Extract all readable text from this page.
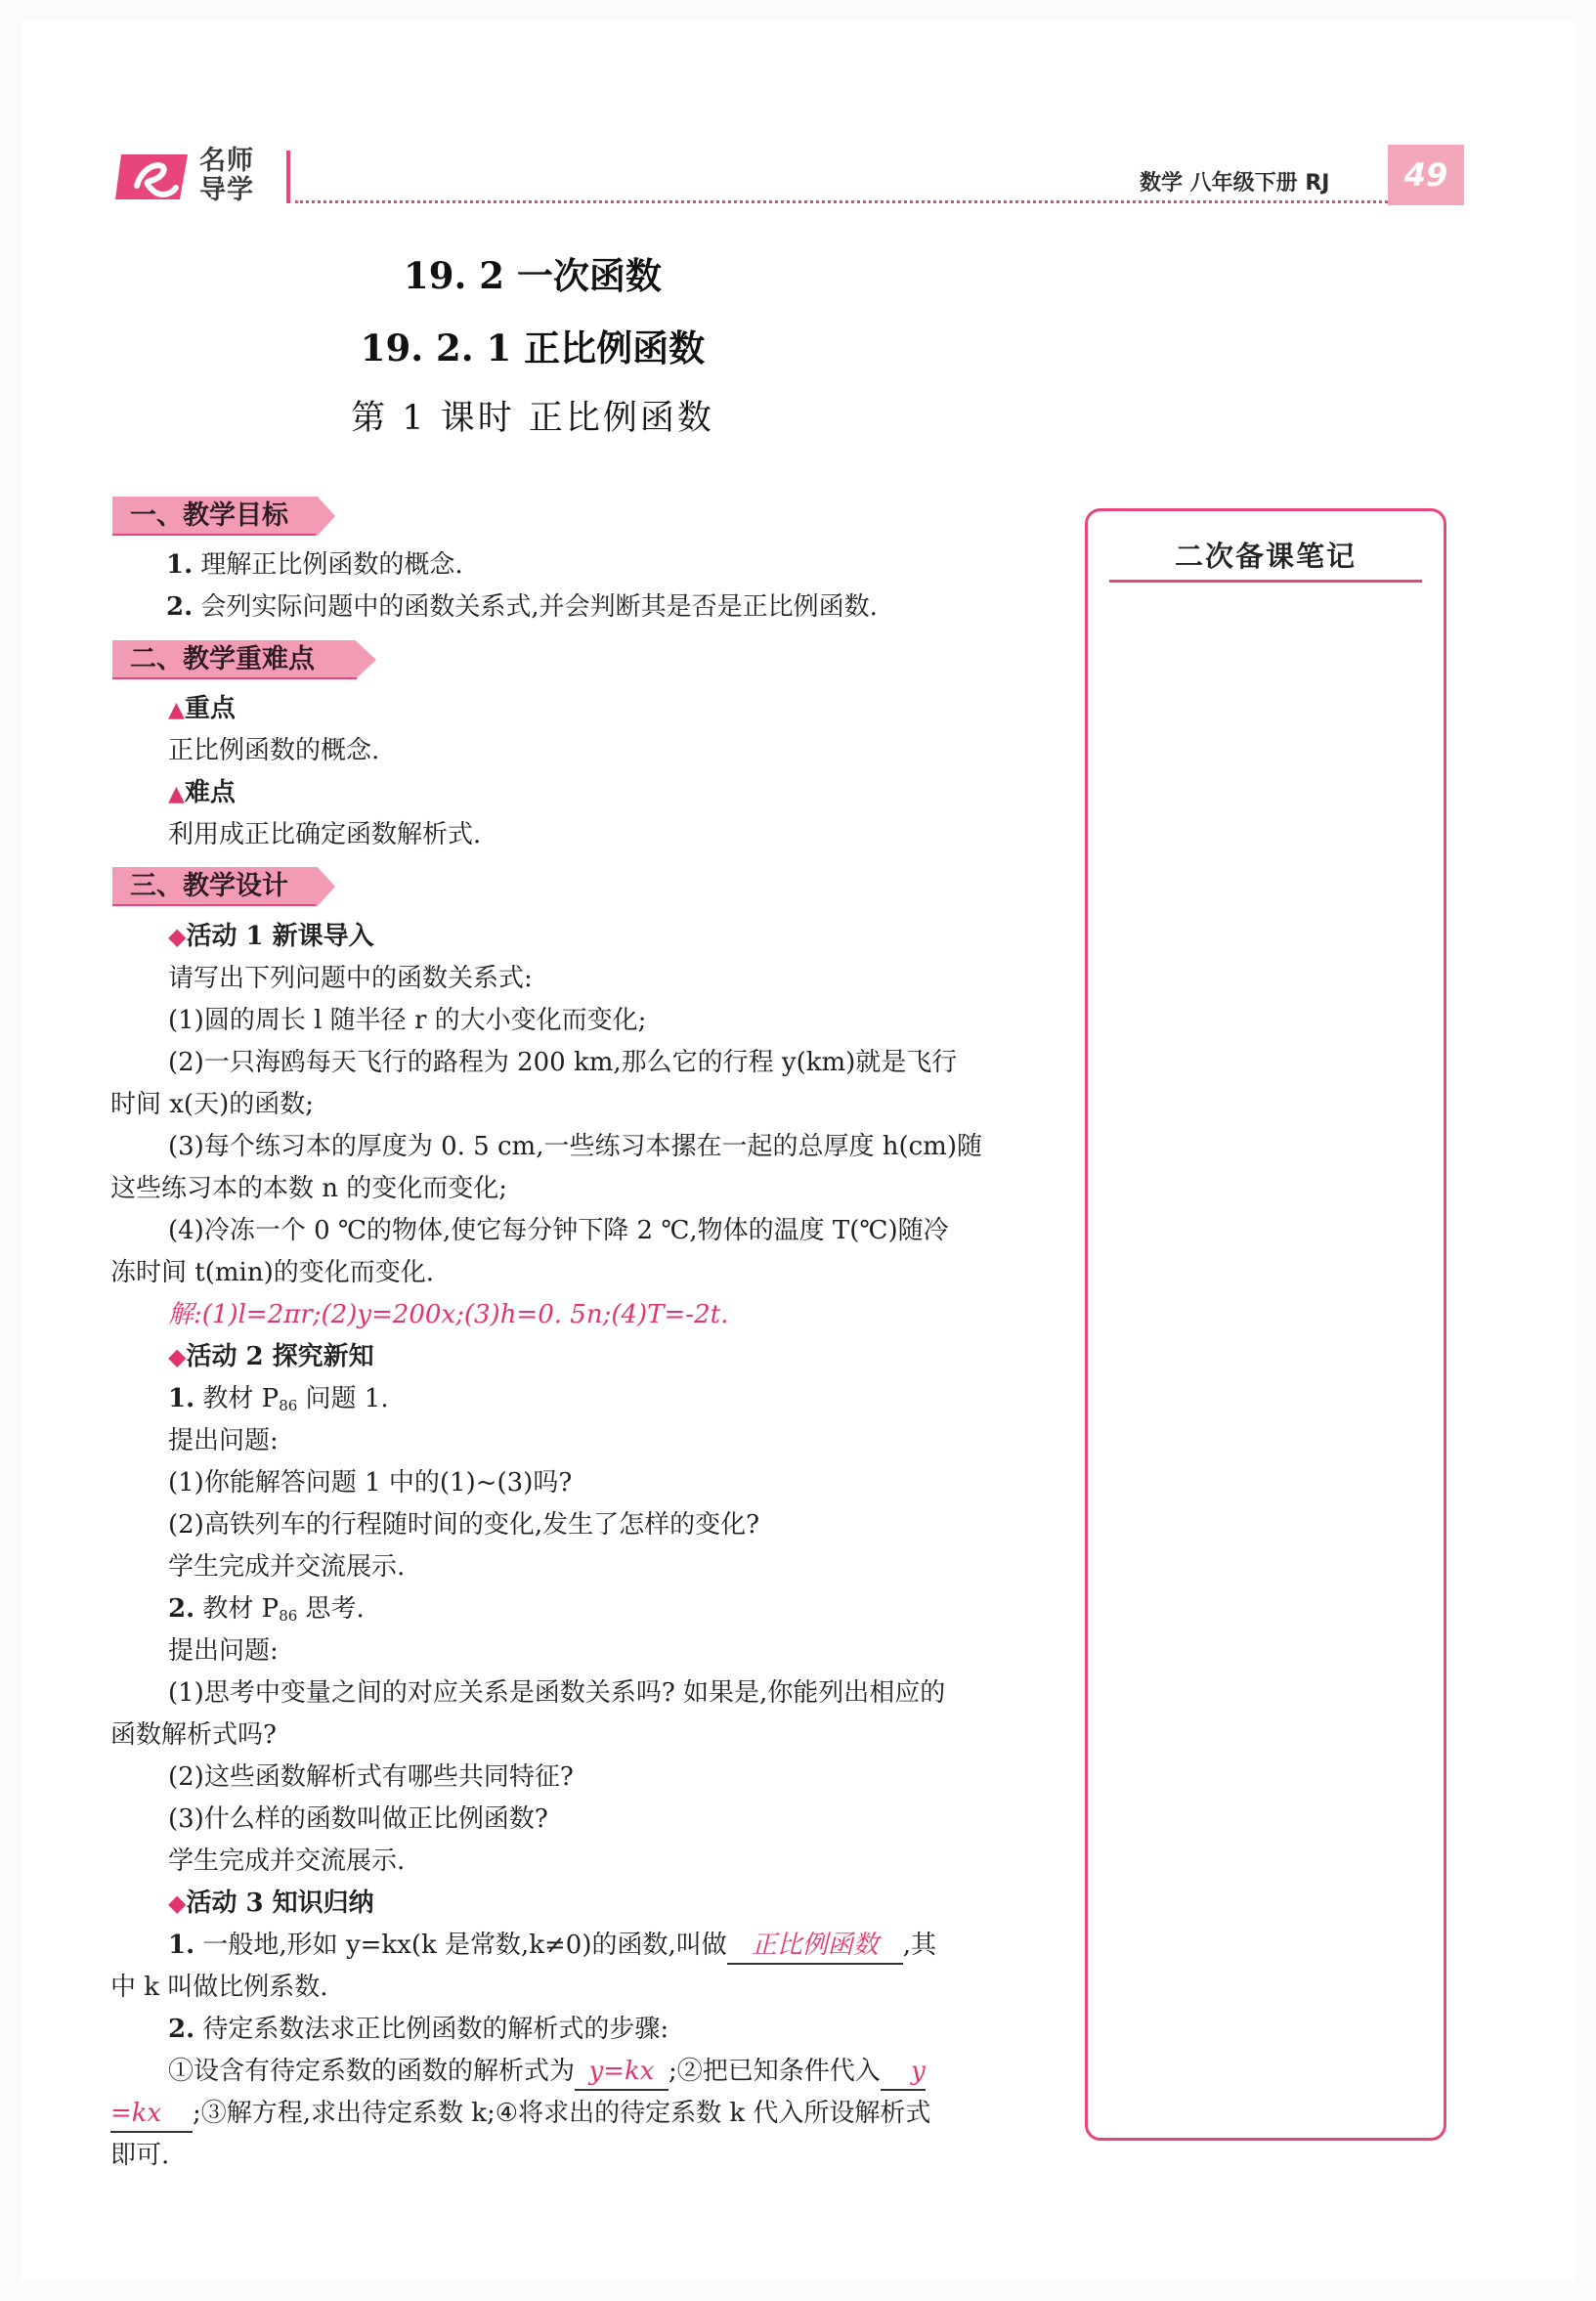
名师
导学	数学 八年级下册 RJ	49
19. 2 一次函数
19. 2. 1 正比例函数
第 1 课时 正比例函数
一、教学目标
1. 理解正比例函数的概念.
2. 会列实际问题中的函数关系式,并会判断其是否是正比例函数.
二、教学重难点
▲重点
正比例函数的概念.
▲难点
利用成正比确定函数解析式.
三、教学设计
◆活动 1 新课导入
请写出下列问题中的函数关系式:
(1)圆的周长 l 随半径 r 的大小变化而变化;
(2)一只海鸥每天飞行的路程为 200 km,那么它的行程 y(km)就是飞行
时间 x(天)的函数;
(3)每个练习本的厚度为 0. 5 cm,一些练习本摞在一起的总厚度 h(cm)随
这些练习本的本数 n 的变化而变化;
(4)冷冻一个 0 ℃的物体,使它每分钟下降 2 ℃,物体的温度 T(℃)随冷
冻时间 t(min)的变化而变化.
解:(1)l=2πr;(2)y=200x;(3)h=0. 5n;(4)T=-2t.
◆活动 2 探究新知
1. 教材 $P_{86}$ 问题 1.
提出问题:
(1)你能解答问题 1 中的(1)~(3)吗?
(2)高铁列车的行程随时间的变化,发生了怎样的变化?
学生完成并交流展示.
2. 教材 $P_{86}$ 思考.
提出问题:
(1)思考中变量之间的对应关系是函数关系吗? 如果是,你能列出相应的
函数解析式吗?
(2)这些函数解析式有哪些共同特征?
(3)什么样的函数叫做正比例函数?
学生完成并交流展示.
◆活动 3 知识归纳
1. 一般地,形如 y=kx(k 是常数,k≠0)的函数,叫做 正比例函数 ,其
中 k 叫做比例系数.
2. 待定系数法求正比例函数的解析式的步骤:
①设含有待定系数的函数的解析式为 y=kx ;②把已知条件代入 y
=kx ;③解方程,求出待定系数 k;④将求出的待定系数 k 代入所设解析式
即可.
二次备课笔记
